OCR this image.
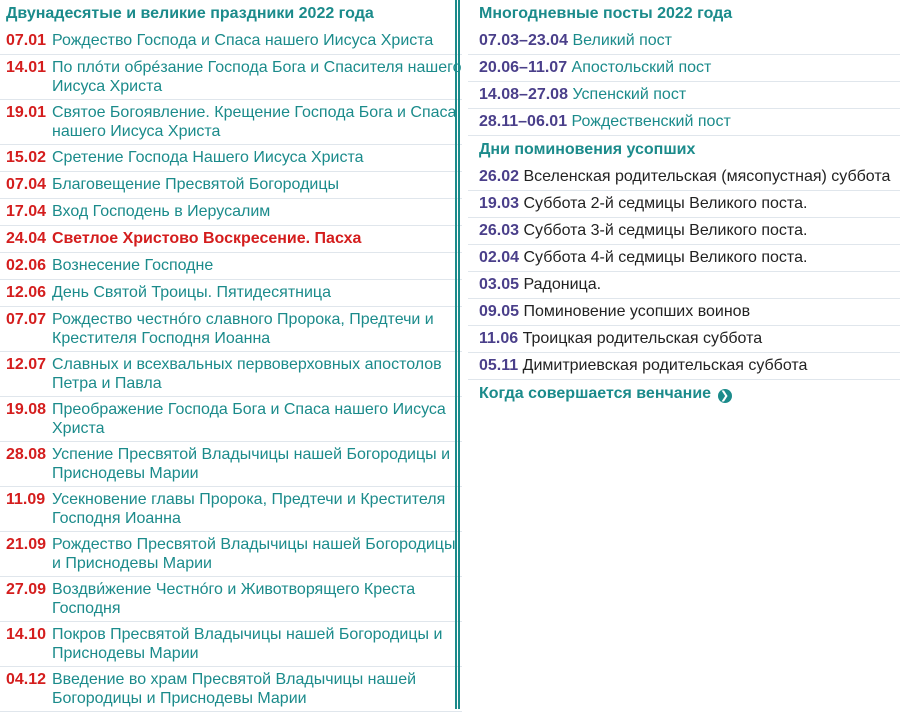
Двунадесятые и великие праздники 2022 года
07.01 Рождество Господа и Спаса нашего Иисуса Христа
14.01 По плóти обрéзание Господа Бога и Спасителя нашего Иисуса Христа
19.01 Святое Богоявление. Крещение Господа Бога и Спаса нашего Иисуса Христа
15.02 Сретение Господа Нашего Иисуса Христа
07.04 Благовещение Пресвятой Богородицы
17.04 Вход Господень в Иерусалим
24.04 Светлое Христово Воскресение. Пасха
02.06 Вознесение Господне
12.06 День Святой Троицы. Пятидесятница
07.07 Рождество честнóго славного Пророка, Предтечи и Крестителя Господня Иоанна
12.07 Славных и всехвальных первоверховных апостолов Петра и Павла
19.08 Преображение Господа Бога и Спаса нашего Иисуса Христа
28.08 Успение Пресвятой Владычицы нашей Богородицы и Приснодевы Марии
11.09 Усекновение главы Пророка, Предтечи и Крестителя Господня Иоанна
21.09 Рождество Пресвятой Владычицы нашей Богородицы и Приснодевы Марии
27.09 Воздви́жение Честнóго и Животворящего Креста Господня
14.10 Покров Пресвятой Владычицы нашей Богородицы и Приснодевы Марии
04.12 Введение во храм Пресвятой Владычицы нашей Богородицы и Приснодевы Марии
Многодневные посты 2022 года
07.03–23.04 Великий пост
20.06–11.07 Апостольский пост
14.08–27.08 Успенский пост
28.11–06.01 Рождественский пост
Дни поминовения усопших
26.02 Вселенская родительская (мясопустная) суббота
19.03 Суббота 2-й седмицы Великого поста.
26.03 Суббота 3-й седмицы Великого поста.
02.04 Суббота 4-й седмицы Великого поста.
03.05 Радоница.
09.05 Поминовение усопших воинов
11.06 Троицкая родительская суббота
05.11 Димитриевская родительская суббота
Когда совершается венчание ❯
